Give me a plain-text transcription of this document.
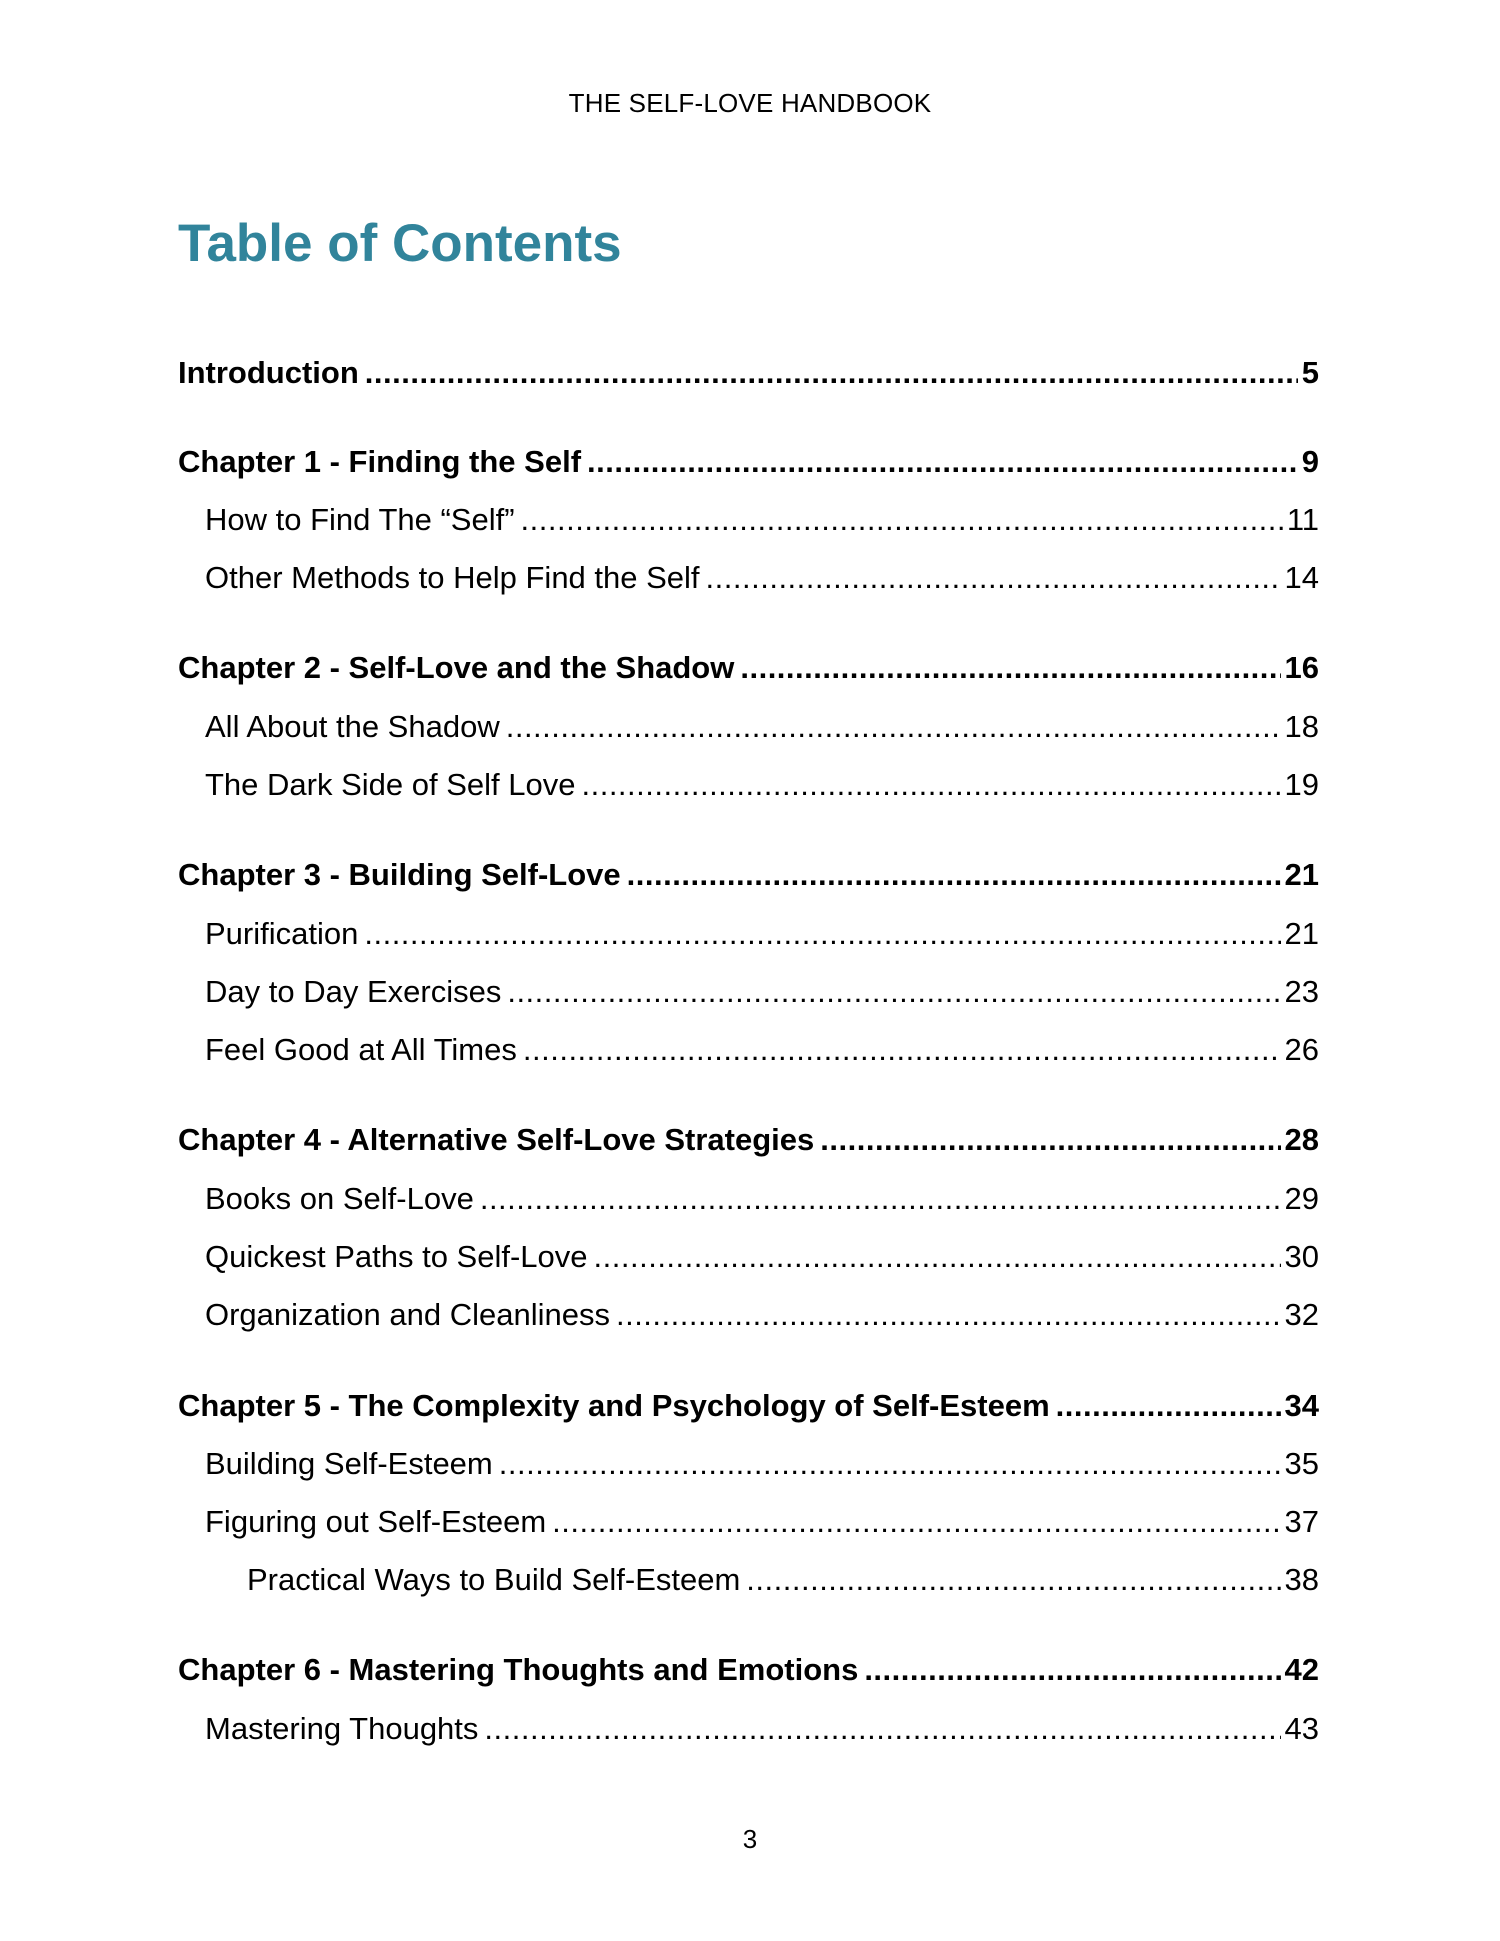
THE SELF-LOVE HANDBOOK
Table of Contents
Introduction .....	5
Chapter 1 - Finding the Self .....	9
How to Find The “Self” .....	11
Other Methods to Help Find the Self .....	14
Chapter 2 - Self-Love and the Shadow .....	16
All About the Shadow .....	18
The Dark Side of Self Love .....	19
Chapter 3 - Building Self-Love .....	21
Purification .....	21
Day to Day Exercises .....	23
Feel Good at All Times .....	26
Chapter 4 - Alternative Self-Love Strategies .....	28
Books on Self-Love .....	29
Quickest Paths to Self-Love .....	30
Organization and Cleanliness .....	32
Chapter 5 - The Complexity and Psychology of Self-Esteem .....	34
Building Self-Esteem .....	35
Figuring out Self-Esteem .....	37
Practical Ways to Build Self-Esteem .....	38
Chapter 6 - Mastering Thoughts and Emotions .....	42
Mastering Thoughts .....	43
3
